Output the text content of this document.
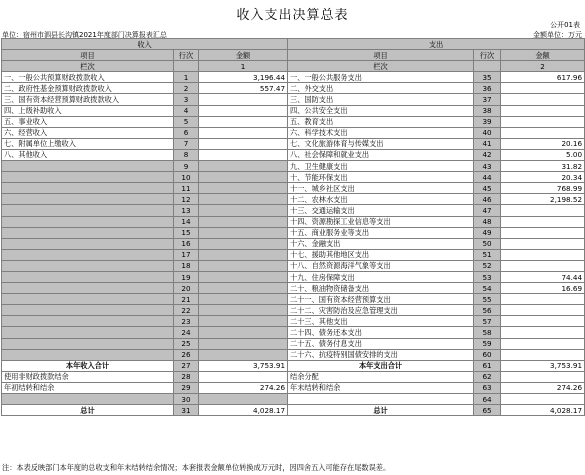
收入支出决算总表
公开01表
单位：宿州市泗县长沟镇2021年度部门决算报表汇总	金额单位：万元
收入			支出		
项目	行次	金额	项目	行次	金额
栏次		1	栏次		2
一、一般公共预算财政拨款收入	1	3,196.44	一、一般公共服务支出	35	617.96
二、政府性基金预算财政拨款收入	2	557.47	二、外交支出	36	
三、国有资本经营预算财政拨款收入	3		三、国防支出	37	
四、上级补助收入	4		四、公共安全支出	38	
五、事业收入	5		五、教育支出	39	
六、经营收入	6		六、科学技术支出	40	
七、附属单位上缴收入	7		七、文化旅游体育与传媒支出	41	20.16
八、其他收入	8		八、社会保障和就业支出	42	5.00
	9		九、卫生健康支出	43	31.82
	10		十、节能环保支出	44	20.34
	11		十一、城乡社区支出	45	768.99
	12		十二、农林水支出	46	2,198.52
	13		十三、交通运输支出	47	
	14		十四、资源勘探工业信息等支出	48	
	15		十五、商业服务业等支出	49	
	16		十六、金融支出	50	
	17		十七、援助其他地区支出	51	
	18		十八、自然资源海洋气象等支出	52	
	19		十九、住房保障支出	53	74.44
	20		二十、粮油物资储备支出	54	16.69
	21		二十一、国有资本经营预算支出	55	
	22		二十二、灾害防治及应急管理支出	56	
	23		二十三、其他支出	57	
	24		二十四、债务还本支出	58	
	25		二十五、债务付息支出	59	
	26		二十六、抗疫特别国债安排的支出	60	
本年收入合计	27	3,753.91	本年支出合计	61	3,753.91
使用非财政拨款结余	28		结余分配	62	
年初结转和结余	29	274.26	年末结转和结余	63	274.26
	30			64	
总计	31	4,028.17	总计	65	4,028.17
注：本表反映部门本年度的总收支和年末结转结余情况；本套报表金额单位转换成万元时，因四舍五入可能存在尾数误差。
